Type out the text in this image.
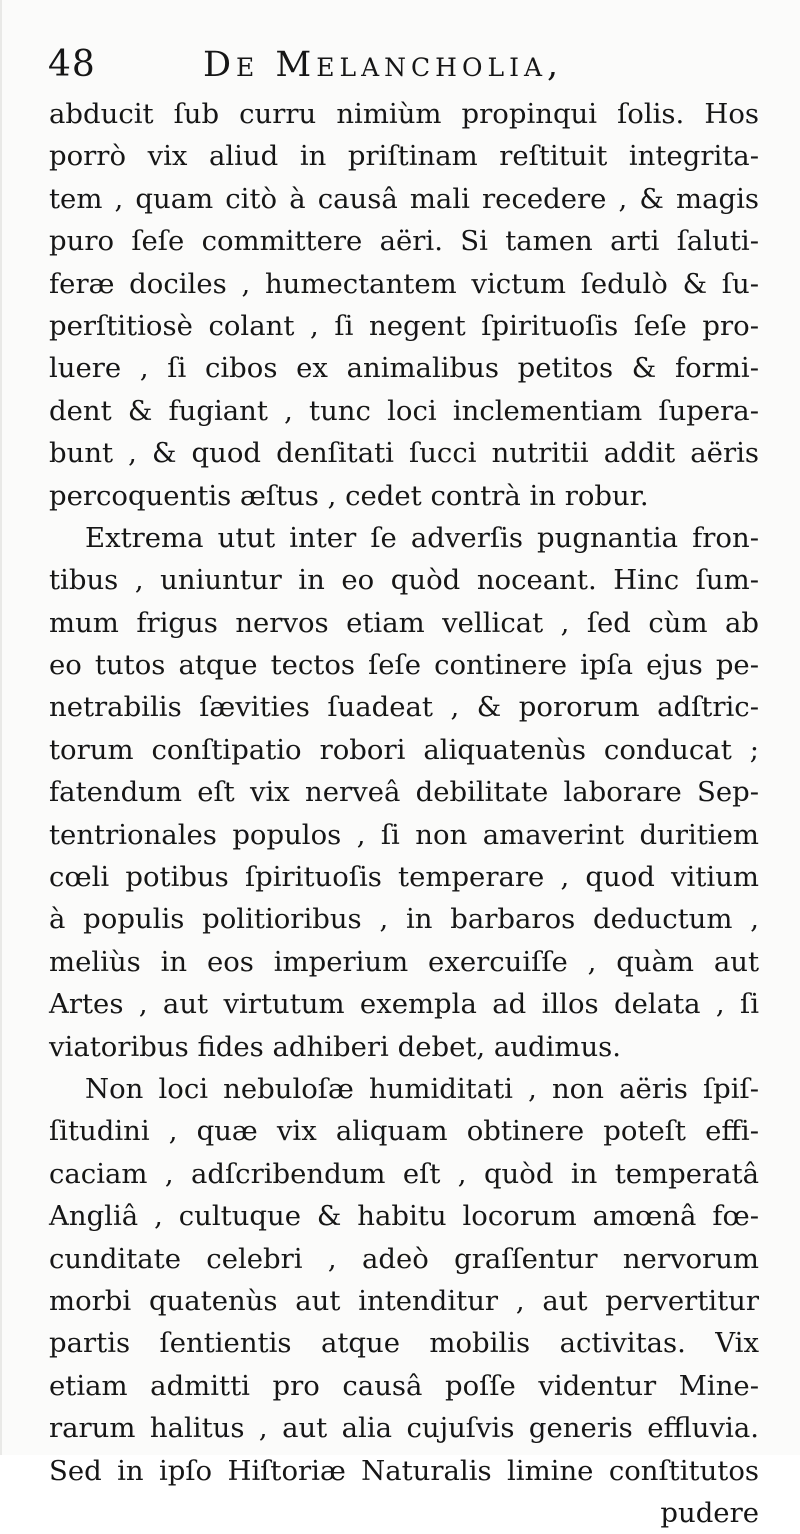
48	De Melancholia,
abducit ſub curru nimiùm propinqui ſolis. Hos
porrò vix aliud in priſtinam reſtituit integrita-
tem , quam citò à causâ mali recedere , & magis
puro ſeſe committere aëri. Si tamen arti ſaluti-
feræ dociles , humectantem victum ſedulò & ſu-
perſtitiosè colant , ſi negent ſpirituoſis ſeſe pro-
luere , ſi cibos ex animalibus petitos & formi-
dent & fugiant , tunc loci inclementiam ſupera-
bunt , & quod denſitati ſucci nutritii addit aëris
percoquentis æſtus , cedet contrà in robur.
Extrema utut inter ſe adverſis pugnantia fron-
tibus , uniuntur in eo quòd noceant. Hinc ſum-
mum frigus nervos etiam vellicat , ſed cùm ab
eo tutos atque tectos ſeſe continere ipſa ejus pe-
netrabilis ſævities ſuadeat , & pororum adſtric-
torum conſtipatio robori aliquatenùs conducat ;
fatendum eſt vix nerveâ debilitate laborare Sep-
tentrionales populos , ſi non amaverint duritiem
cœli potibus ſpirituoſis temperare , quod vitium
à populis politioribus , in barbaros deductum ,
meliùs in eos imperium exercuiſſe , quàm aut
Artes , aut virtutum exempla ad illos delata , ſi
viatoribus fides adhiberi debet, audimus.
Non loci nebuloſæ humiditati , non aëris ſpiſ-
ſitudini , quæ vix aliquam obtinere poteſt effi-
caciam , adſcribendum eſt , quòd in temperatâ
Angliâ , cultuque & habitu locorum amœnâ fœ-
cunditate celebri , adeò graſſentur nervorum
morbi quatenùs aut intenditur , aut pervertitur
partis ſentientis atque mobilis activitas. Vix
etiam admitti pro causâ poſſe videntur Mine-
rarum halitus , aut alia cujuſvis generis effluvia.
Sed in ipſo Hiſtoriæ Naturalis limine conſtitutos
pudere
